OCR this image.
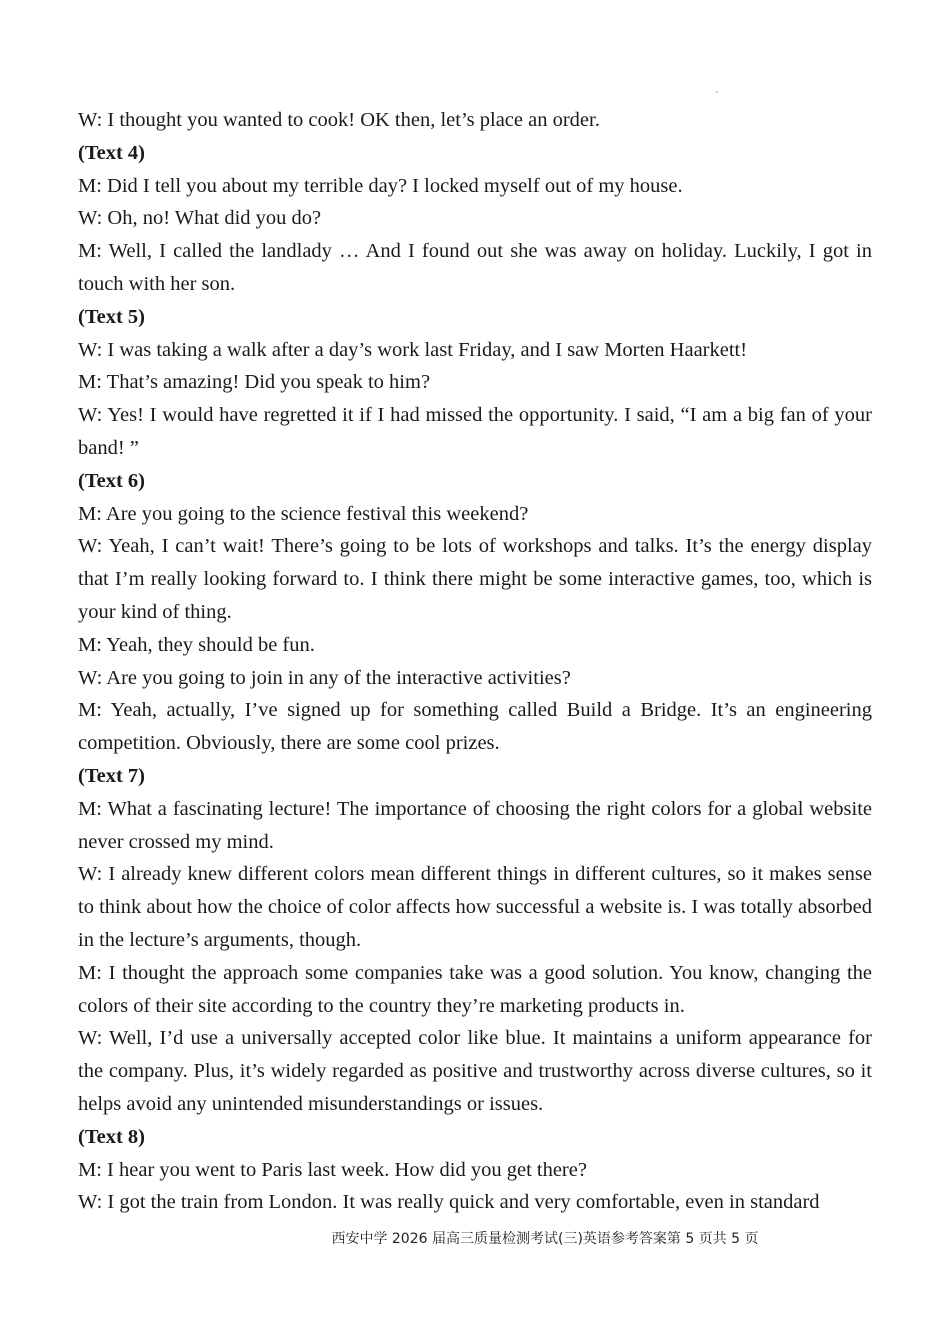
W: I thought you wanted to cook! OK then, let’s place an order.

(Text 4)

M: Did I tell you about my terrible day? I locked myself out of my house.

W: Oh, no! What did you do?

M: Well, I called the landlady … And I found out she was away on holiday. Luckily, I got in touch with her son.

(Text 5)

W: I was taking a walk after a day’s work last Friday, and I saw Morten Haarkett!

M: That’s amazing! Did you speak to him?

W: Yes! I would have regretted it if I had missed the opportunity. I said, “I am a big fan of your band! ”

(Text 6)

M: Are you going to the science festival this weekend?

W: Yeah, I can’t wait! There’s going to be lots of workshops and talks. It’s the energy display that I’m really looking forward to. I think there might be some interactive games, too, which is your kind of thing.

M: Yeah, they should be fun.

W: Are you going to join in any of the interactive activities?

M: Yeah, actually, I’ve signed up for something called Build a Bridge. It’s an engineering competition. Obviously, there are some cool prizes.

(Text 7)

M: What a fascinating lecture! The importance of choosing the right colors for a global website never crossed my mind.

W: I already knew different colors mean different things in different cultures, so it makes sense to think about how the choice of color affects how successful a website is. I was totally absorbed in the lecture’s arguments, though.

M: I thought the approach some companies take was a good solution. You know, changing the colors of their site according to the country they’re marketing products in.

W: Well, I’d use a universally accepted color like blue. It maintains a uniform appearance for the company. Plus, it’s widely regarded as positive and trustworthy across diverse cultures, so it helps avoid any unintended misunderstandings or issues.

(Text 8)

M: I hear you went to Paris last week. How did you get there?

W: I got the train from London. It was really quick and very comfortable, even in standard

西安中学 2026 届高三质量检测考试(三)英语参考答案第 5 页共 5 页
